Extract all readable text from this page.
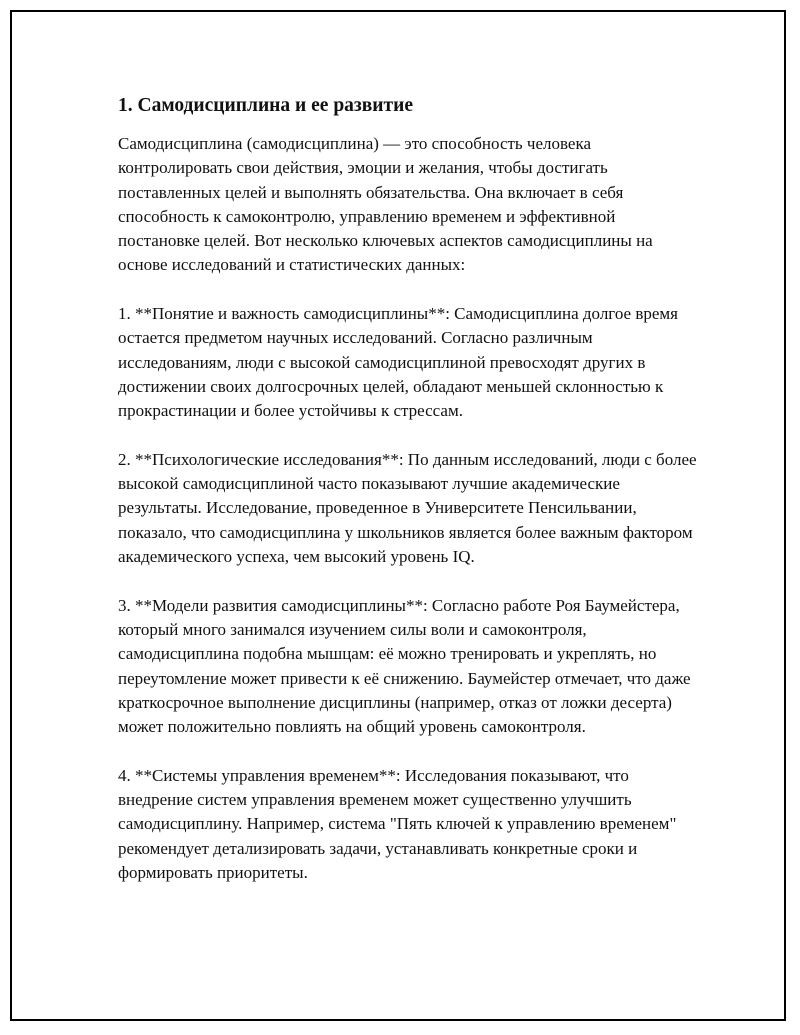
1. Самодисциплина и ее развитие

Самодисциплина (самодисциплина) — это способность человека контролировать свои действия, эмоции и желания, чтобы достигать поставленных целей и выполнять обязательства. Она включает в себя способность к самоконтролю, управлению временем и эффективной постановке целей. Вот несколько ключевых аспектов самодисциплины на основе исследований и статистических данных:

1. **Понятие и важность самодисциплины**: Самодисциплина долгое время остается предметом научных исследований. Согласно различным исследованиям, люди с высокой самодисциплиной превосходят других в достижении своих долгосрочных целей, обладают меньшей склонностью к прокрастинации и более устойчивы к стрессам.

2. **Психологические исследования**: По данным исследований, люди с более высокой самодисциплиной часто показывают лучшие академические результаты. Исследование, проведенное в Университете Пенсильвании, показало, что самодисциплина у школьников является более важным фактором академического успеха, чем высокий уровень IQ.

3. **Модели развития самодисциплины**: Согласно работе Роя Баумейстера, который много занимался изучением силы воли и самоконтроля, самодисциплина подобна мышцам: её можно тренировать и укреплять, но переутомление может привести к её снижению. Баумейстер отмечает, что даже краткосрочное выполнение дисциплины (например, отказ от ложки десерта) может положительно повлиять на общий уровень самоконтроля.

4. **Системы управления временем**: Исследования показывают, что внедрение систем управления временем может существенно улучшить самодисциплину. Например, система "Пять ключей к управлению временем" рекомендует детализировать задачи, устанавливать конкретные сроки и формировать приоритеты.
